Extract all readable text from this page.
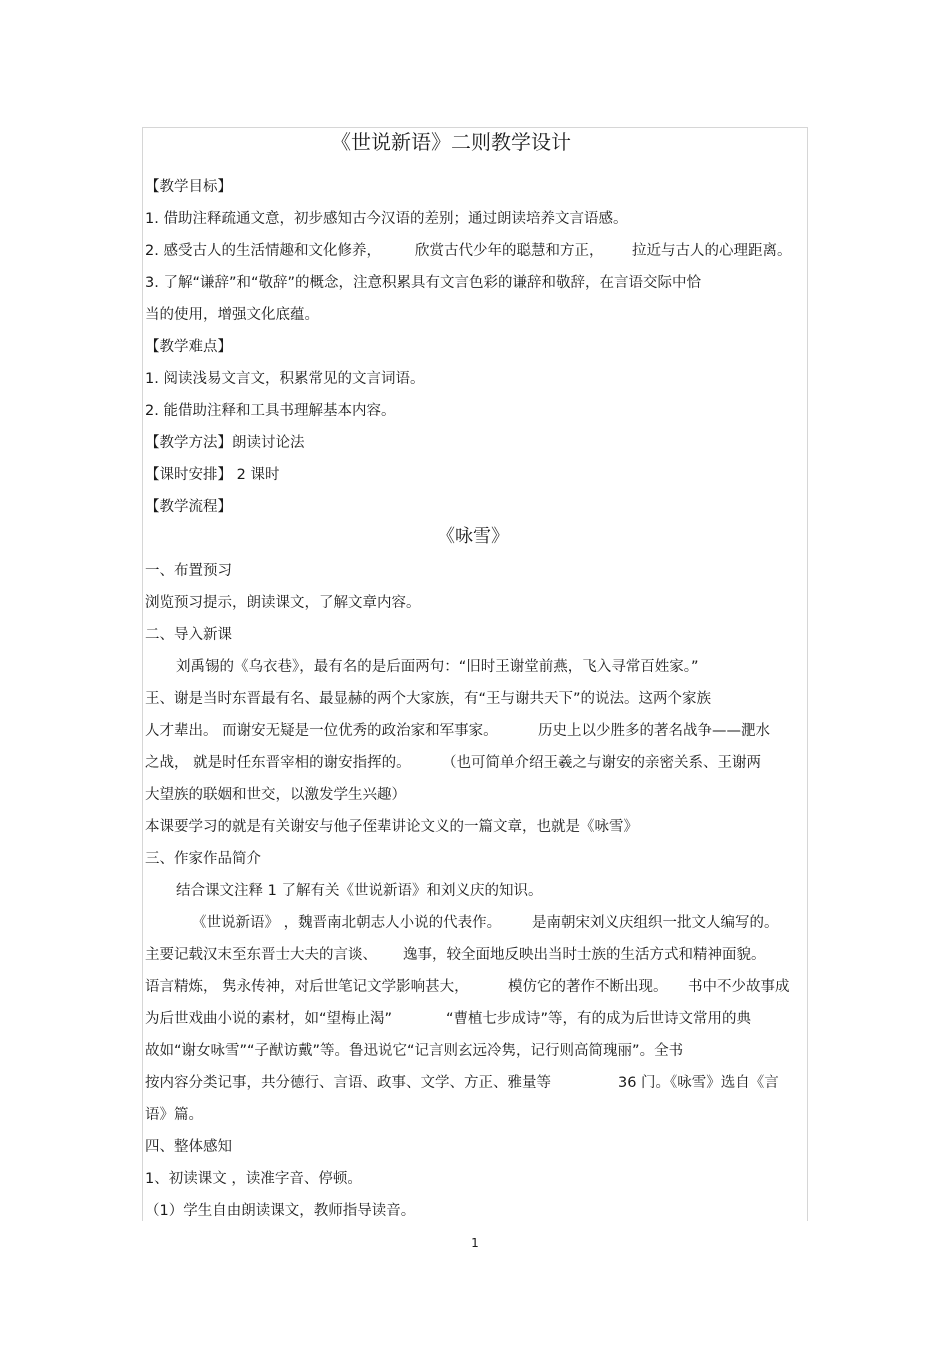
《世说新语》二则教学设计
【教学目标】
1. 借助注释疏通文意，初步感知古今汉语的差别；通过朗读培养文言语感。
2. 感受古人的生活情趣和文化修养， 欣赏古代少年的聪慧和方正， 拉近与古人的心理距离。
3. 了解“谦辞”和“敬辞”的概念，注意积累具有文言色彩的谦辞和敬辞，在言语交际中恰
当的使用，增强文化底蕴。
【教学难点】
1. 阅读浅易文言文，积累常见的文言词语。
2. 能借助注释和工具书理解基本内容。
【教学方法】朗读讨论法
【课时安排】 2 课时
【教学流程】
《咏雪》
一、布置预习
浏览预习提示，朗读课文，了解文章内容。
二、导入新课
刘禹锡的《乌衣巷》，最有名的是后面两句：“旧时王谢堂前燕，飞入寻常百姓家。”
王、谢是当时东晋最有名、最显赫的两个大家族，有“王与谢共天下”的说法。这两个家族
人才辈出。 而谢安无疑是一位优秀的政治家和军事家。	历史上以少胜多的著名战争——淝水
之战， 就是时任东晋宰相的谢安指挥的。 （也可简单介绍王羲之与谢安的亲密关系、王谢两
大望族的联姻和世交，以激发学生兴趣）
本课要学习的就是有关谢安与他子侄辈讲论文义的一篇文章，也就是《咏雪》
三、作家作品简介
结合课文注释 1 了解有关《世说新语》和刘义庆的知识。
《世说新语》 ，魏晋南北朝志人小说的代表作。 是南朝宋刘义庆组织一批文人编写的。
主要记载汉末至东晋士大夫的言谈、 逸事，较全面地反映出当时士族的生活方式和精神面貌。
语言精炼， 隽永传神，对后世笔记文学影响甚大，	模仿它的著作不断出现。 书中不少故事成
为后世戏曲小说的素材，如“望梅止渴”	“曹植七步成诗”等，有的成为后世诗文常用的典
故如“谢女咏雪”“子猷访戴”等。鲁迅说它“记言则玄远冷隽，记行则高简瑰丽”。全书
按内容分类记事，共分德行、言语、政事、文学、方正、雅量等	36 门。《咏雪》选自《言
语》篇。
四、整体感知
1、初读课文 ，读准字音、停顿。
（1）学生自由朗读课文，教师指导读音。
1
